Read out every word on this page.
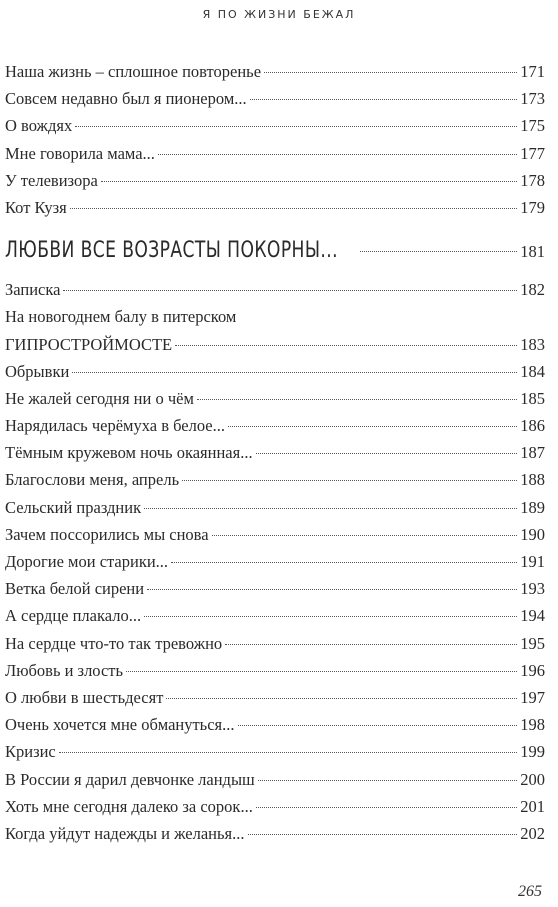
Я ПО ЖИЗНИ БЕЖАЛ
Наша жизнь – сплошное повторенье	171
Совсем недавно был я пионером...	173
О вождях	175
Мне говорила мама...	177
У телевизора	178
Кот Кузя	179
ЛЮБВИ ВСЕ ВОЗРАСТЫ ПОКОРНЫ...	181
Записка	182
На новогоднем балу в питерском
ГИПРОСТРОЙМОСТЕ	183
Обрывки	184
Не жалей сегодня ни о чём	185
Нарядилась черёмуха в белое...	186
Тёмным кружевом ночь окаянная...	187
Благослови меня, апрель	188
Сельский праздник	189
Зачем поссорились мы снова	190
Дорогие мои старики...	191
Ветка белой сирени	193
А сердце плакало...	194
На сердце что-то так тревожно	195
Любовь и злость	196
О любви в шестьдесят	197
Очень хочется мне обмануться...	198
Кризис	199
В России я дарил девчонке ландыш	200
Хоть мне сегодня далеко за сорок...	201
Когда уйдут надежды и желанья...	202
265
